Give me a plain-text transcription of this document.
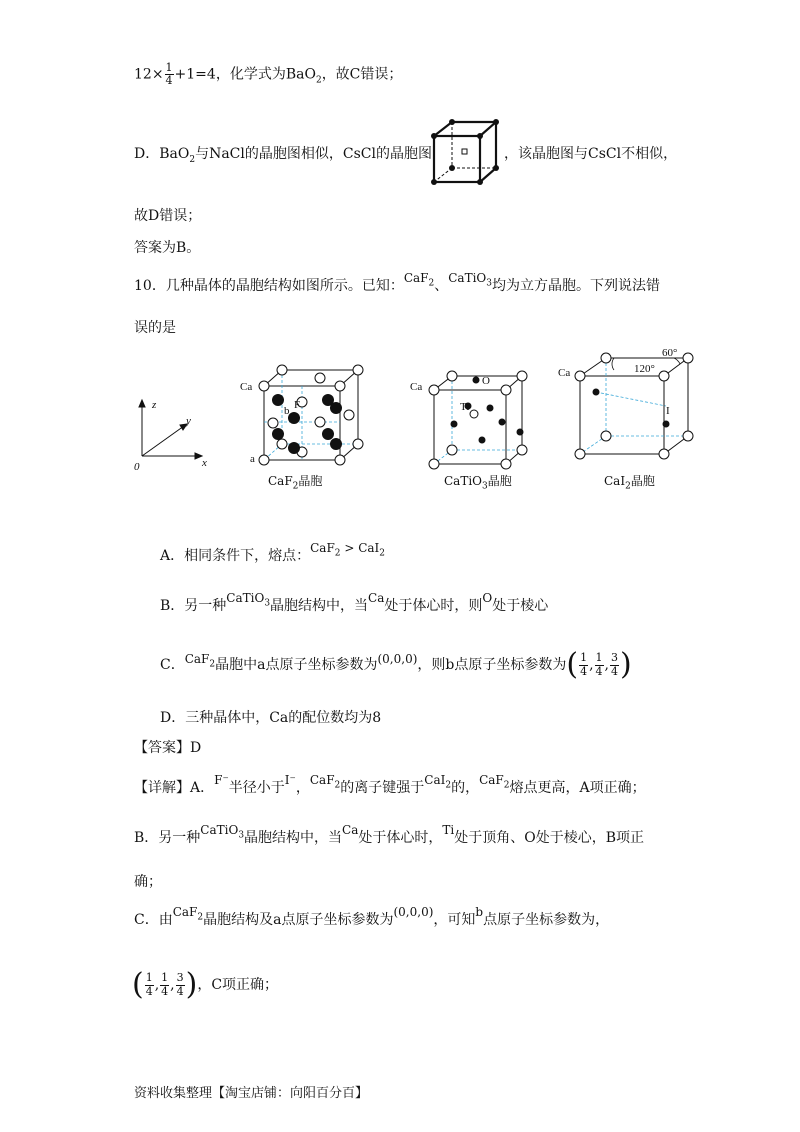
$12\times \frac{1}{4} +1=4$，化学式为BaO$_2$，故C错误；
D．BaO$_2$与NaCl的晶胞图相似，CsCl的晶胞图	，该晶胞图与CsCl不相似，
故D错误；
答案为B。
10．几种晶体的晶胞结构如图所示。已知：CaF$_2$、CaTiO$_3$均为立方晶胞。下列说法错
误的是
z
y
x
0
Ca
F
b
a
CaF$_2$晶胞
Ca	O
Ti
CaTiO$_3$晶胞
Ca
60°
120°
I
CaI$_2$晶胞
A．相同条件下，熔点：CaF$_2$ > CaI$_2$
B．另一种CaTiO$_3$晶胞结构中，当Ca处于体心时，则O处于棱心
C．CaF$_2$晶胞中a点原子坐标参数为(0,0,0)，则b点原子坐标参数为( $\frac{1}{4}$ , $\frac{1}{4}$ , $\frac{3}{4}$ )
D．三种晶体中，Ca的配位数均为8
【答案】D
【详解】A．F⁻半径小于I⁻，CaF$_2$的离子键强于CaI$_2$的，CaF$_2$熔点更高，A项正确；
B．另一种CaTiO$_3$晶胞结构中，当Ca处于体心时，Ti处于顶角、O处于棱心，B项正
确；
C．由CaF$_2$晶胞结构及a点原子坐标参数为(0,0,0)，可知b点原子坐标参数为，
( $\frac{1}{4}$ , $\frac{1}{4}$ , $\frac{3}{4}$ )，C项正确；
资料收集整理【淘宝店铺：向阳百分百】
